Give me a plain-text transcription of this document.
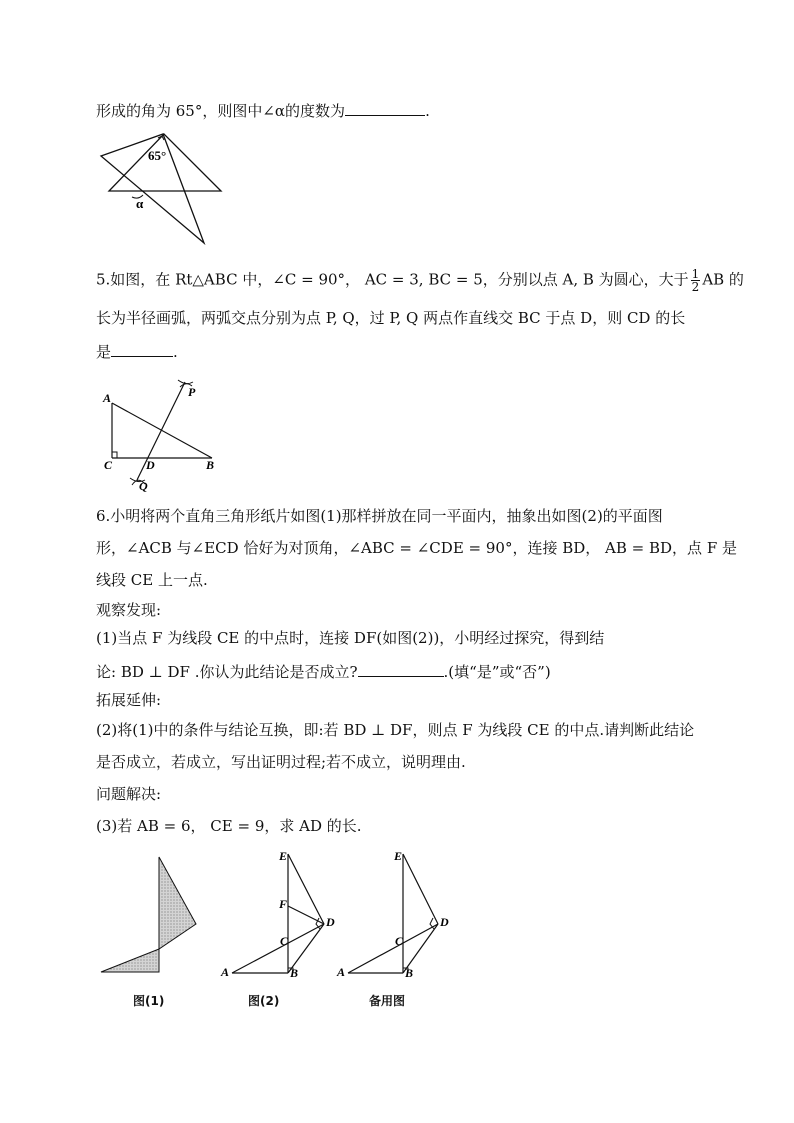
形成的角为 65°，则图中∠α的度数为	.
65°
α
5.如图，在 Rt△ABC 中，∠C = 90°， AC = 3, BC = 5，分别以点 A, B 为圆心，大于 $\frac{1}{2}$ AB 的
长为半径画弧，两弧交点分别为点 P, Q，过 P, Q 两点作直线交 BC 于点 D，则 CD 的长
是	.
A
C	D	B
P
Q
6.小明将两个直角三角形纸片如图(1)那样拼放在同一平面内，抽象出如图(2)的平面图
形，∠ACB 与∠ECD 恰好为对顶角，∠ABC = ∠CDE = 90°，连接 BD， AB = BD，点 F 是
线段 CE 上一点.
观察发现:
(1)当点 F 为线段 CE 的中点时，连接 DF(如图(2))，小明经过探究，得到结
论: BD ⊥ DF .你认为此结论是否成立?	.(填“是”或“否”)
拓展延伸:
(2)将(1)中的条件与结论互换，即:若 BD ⊥ DF，则点 F 为线段 CE 的中点.请判断此结论
是否成立，若成立，写出证明过程;若不成立，说明理由.
问题解决:
(3)若 AB = 6， CE = 9，求 AD 的长.
图(1)
E
F
C
D
A	B
图(2)
E
C
D
A	B
备用图
